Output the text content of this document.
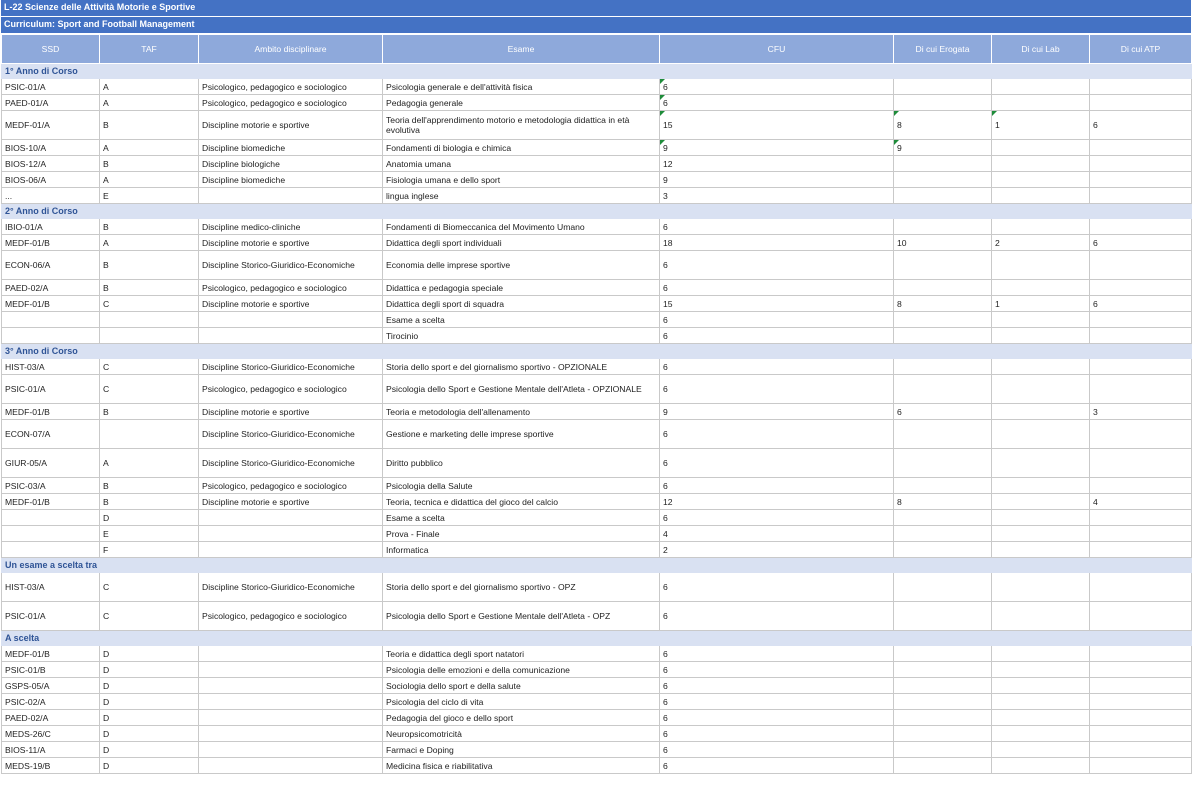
L-22 Scienze delle Attività Motorie e Sportive
Curriculum: Sport and Football Management
SSD	TAF	Ambito disciplinare	Esame	CFU	Di cui Erogata	Di cui Lab	Di cui ATP
1° Anno di Corso							
PSIC-01/A	A	Psicologico, pedagogico e sociologico	Psicologia generale e dell'attività fisica	6			
PAED-01/A	A	Psicologico, pedagogico e sociologico	Pedagogia generale	6			
MEDF-01/A	B	Discipline motorie e sportive	Teoria dell'apprendimento motorio e metodologia didattica in età evolutiva	15	8	1	6
BIOS-10/A	A	Discipline biomediche	Fondamenti di biologia e chimica	9	9		
BIOS-12/A	B	Discipline biologiche	Anatomia umana	12			
BIOS-06/A	A	Discipline biomediche	Fisiologia umana e dello sport	9			
...	E		lingua inglese	3			
2° Anno di Corso							
IBIO-01/A	B	Discipline medico-cliniche	Fondamenti di Biomeccanica del Movimento Umano	6			
MEDF-01/B	A	Discipline motorie e sportive	Didattica degli sport individuali	18	10	2	6
ECON-06/A	B	Discipline Storico-Giuridico-Economiche	Economia delle imprese sportive	6			
PAED-02/A	B	Psicologico, pedagogico e sociologico	Didattica e pedagogia speciale	6			
MEDF-01/B	C	Discipline motorie e sportive	Didattica degli sport di squadra	15	8	1	6
			Esame a scelta	6			
			Tirocinio	6			
3° Anno di Corso							
HIST-03/A	C	Discipline Storico-Giuridico-Economiche	Storia dello sport e del giornalismo sportivo - OPZIONALE	6			
PSIC-01/A	C	Psicologico, pedagogico e sociologico	Psicologia dello Sport e Gestione Mentale dell'Atleta - OPZIONALE	6			
MEDF-01/B	B	Discipline motorie e sportive	Teoria e metodologia dell'allenamento	9	6		3
ECON-07/A		Discipline Storico-Giuridico-Economiche	Gestione e marketing delle imprese sportive	6			
GIUR-05/A	A	Discipline Storico-Giuridico-Economiche	Diritto pubblico	6			
PSIC-03/A	B	Psicologico, pedagogico e sociologico	Psicologia della Salute	6			
MEDF-01/B	B	Discipline motorie e sportive	Teoria, tecnica e didattica del gioco del calcio	12	8		4
	D		Esame a scelta	6			
	E		Prova - Finale	4			
	F		Informatica	2			
Un esame a scelta tra							
HIST-03/A	C	Discipline Storico-Giuridico-Economiche	Storia dello sport e del giornalismo sportivo - OPZ	6			
PSIC-01/A	C	Psicologico, pedagogico e sociologico	Psicologia dello Sport e Gestione Mentale dell'Atleta - OPZ	6			
A scelta							
MEDF-01/B	D		Teoria e didattica degli sport natatori	6			
PSIC-01/B	D		Psicologia delle emozioni e della comunicazione	6			
GSPS-05/A	D		Sociologia dello sport e della salute	6			
PSIC-02/A	D		Psicologia del ciclo di vita	6			
PAED-02/A	D		Pedagogia del gioco e dello sport	6			
MEDS-26/C	D		Neuropsicomotricità	6			
BIOS-11/A	D		Farmaci e Doping	6			
MEDS-19/B	D		Medicina fisica e riabilitativa	6			
